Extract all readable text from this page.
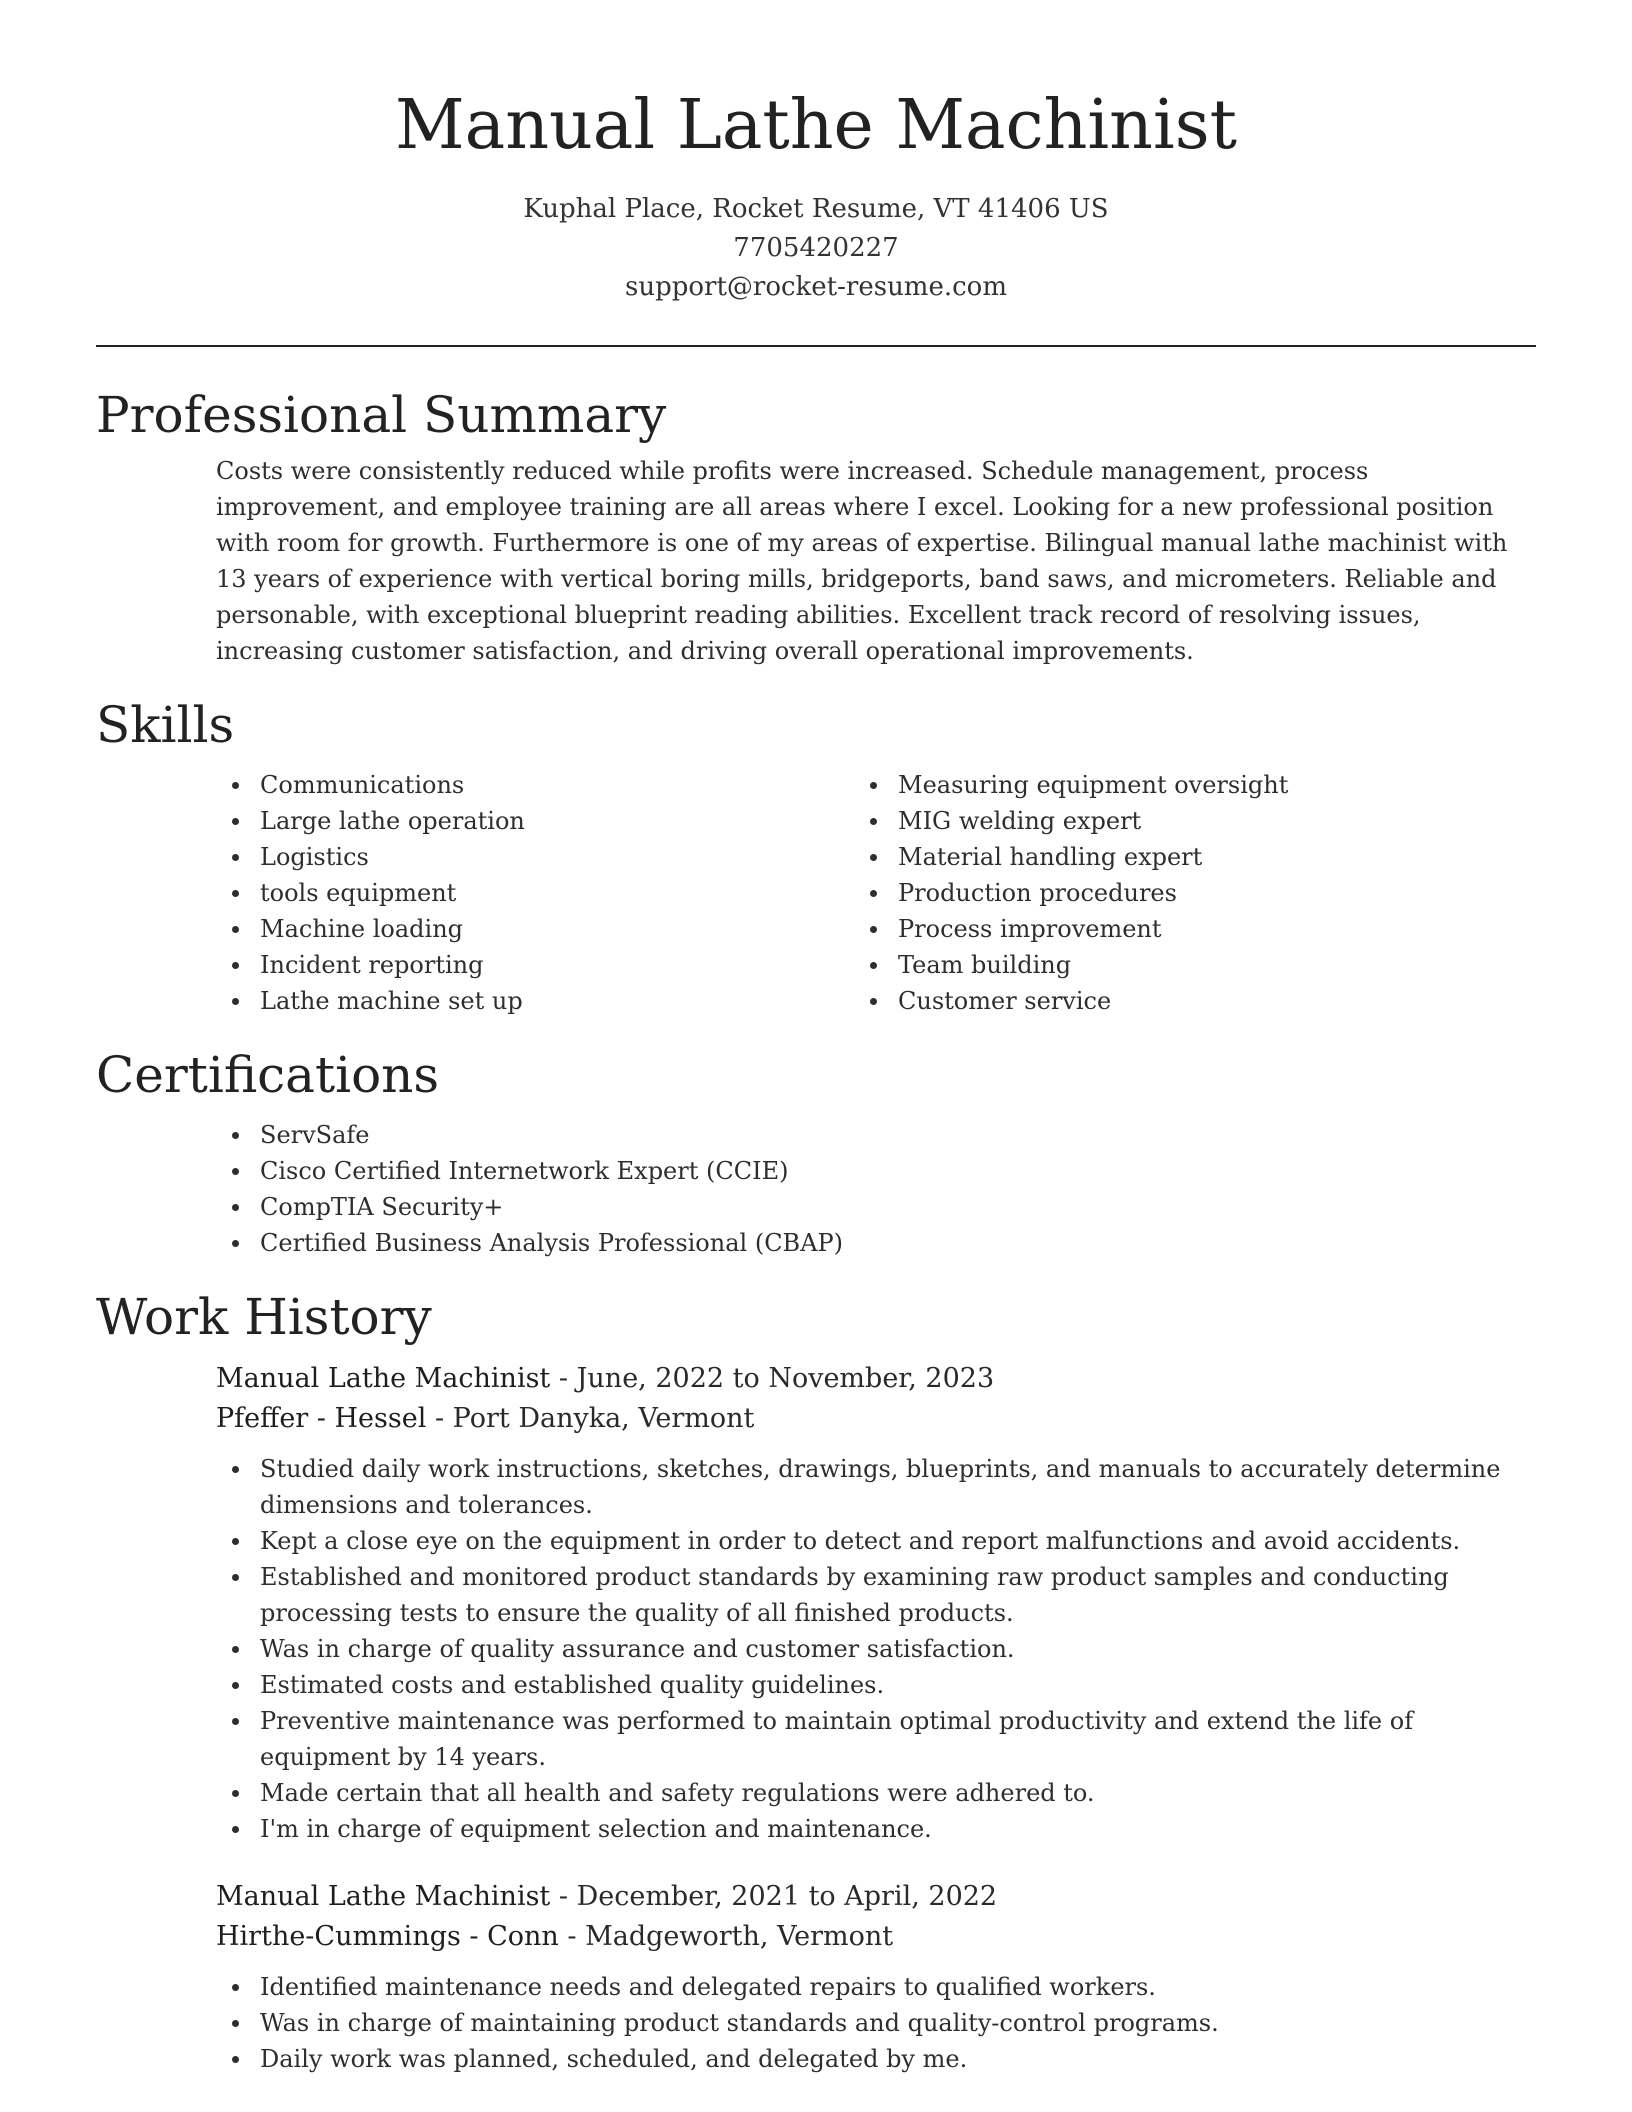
Manual Lathe Machinist
Kuphal Place, Rocket Resume, VT 41406 US
7705420227
support@rocket-resume.com
Professional Summary
Costs were consistently reduced while profits were increased. Schedule management, process improvement, and employee training are all areas where I excel. Looking for a new professional position with room for growth. Furthermore is one of my areas of expertise. Bilingual manual lathe machinist with 13 years of experience with vertical boring mills, bridgeports, band saws, and micrometers. Reliable and personable, with exceptional blueprint reading abilities. Excellent track record of resolving issues, increasing customer satisfaction, and driving overall operational improvements.
Skills
Communications
Large lathe operation
Logistics
tools equipment
Machine loading
Incident reporting
Lathe machine set up
Measuring equipment oversight
MIG welding expert
Material handling expert
Production procedures
Process improvement
Team building
Customer service
Certifications
ServSafe
Cisco Certified Internetwork Expert (CCIE)
CompTIA Security+
Certified Business Analysis Professional (CBAP)
Work History
Manual Lathe Machinist - June, 2022 to November, 2023
Pfeffer - Hessel - Port Danyka, Vermont
Studied daily work instructions, sketches, drawings, blueprints, and manuals to accurately determine dimensions and tolerances.
Kept a close eye on the equipment in order to detect and report malfunctions and avoid accidents.
Established and monitored product standards by examining raw product samples and conducting processing tests to ensure the quality of all finished products.
Was in charge of quality assurance and customer satisfaction.
Estimated costs and established quality guidelines.
Preventive maintenance was performed to maintain optimal productivity and extend the life of equipment by 14 years.
Made certain that all health and safety regulations were adhered to.
I'm in charge of equipment selection and maintenance.
Manual Lathe Machinist - December, 2021 to April, 2022
Hirthe-Cummings - Conn - Madgeworth, Vermont
Identified maintenance needs and delegated repairs to qualified workers.
Was in charge of maintaining product standards and quality-control programs.
Daily work was planned, scheduled, and delegated by me.
